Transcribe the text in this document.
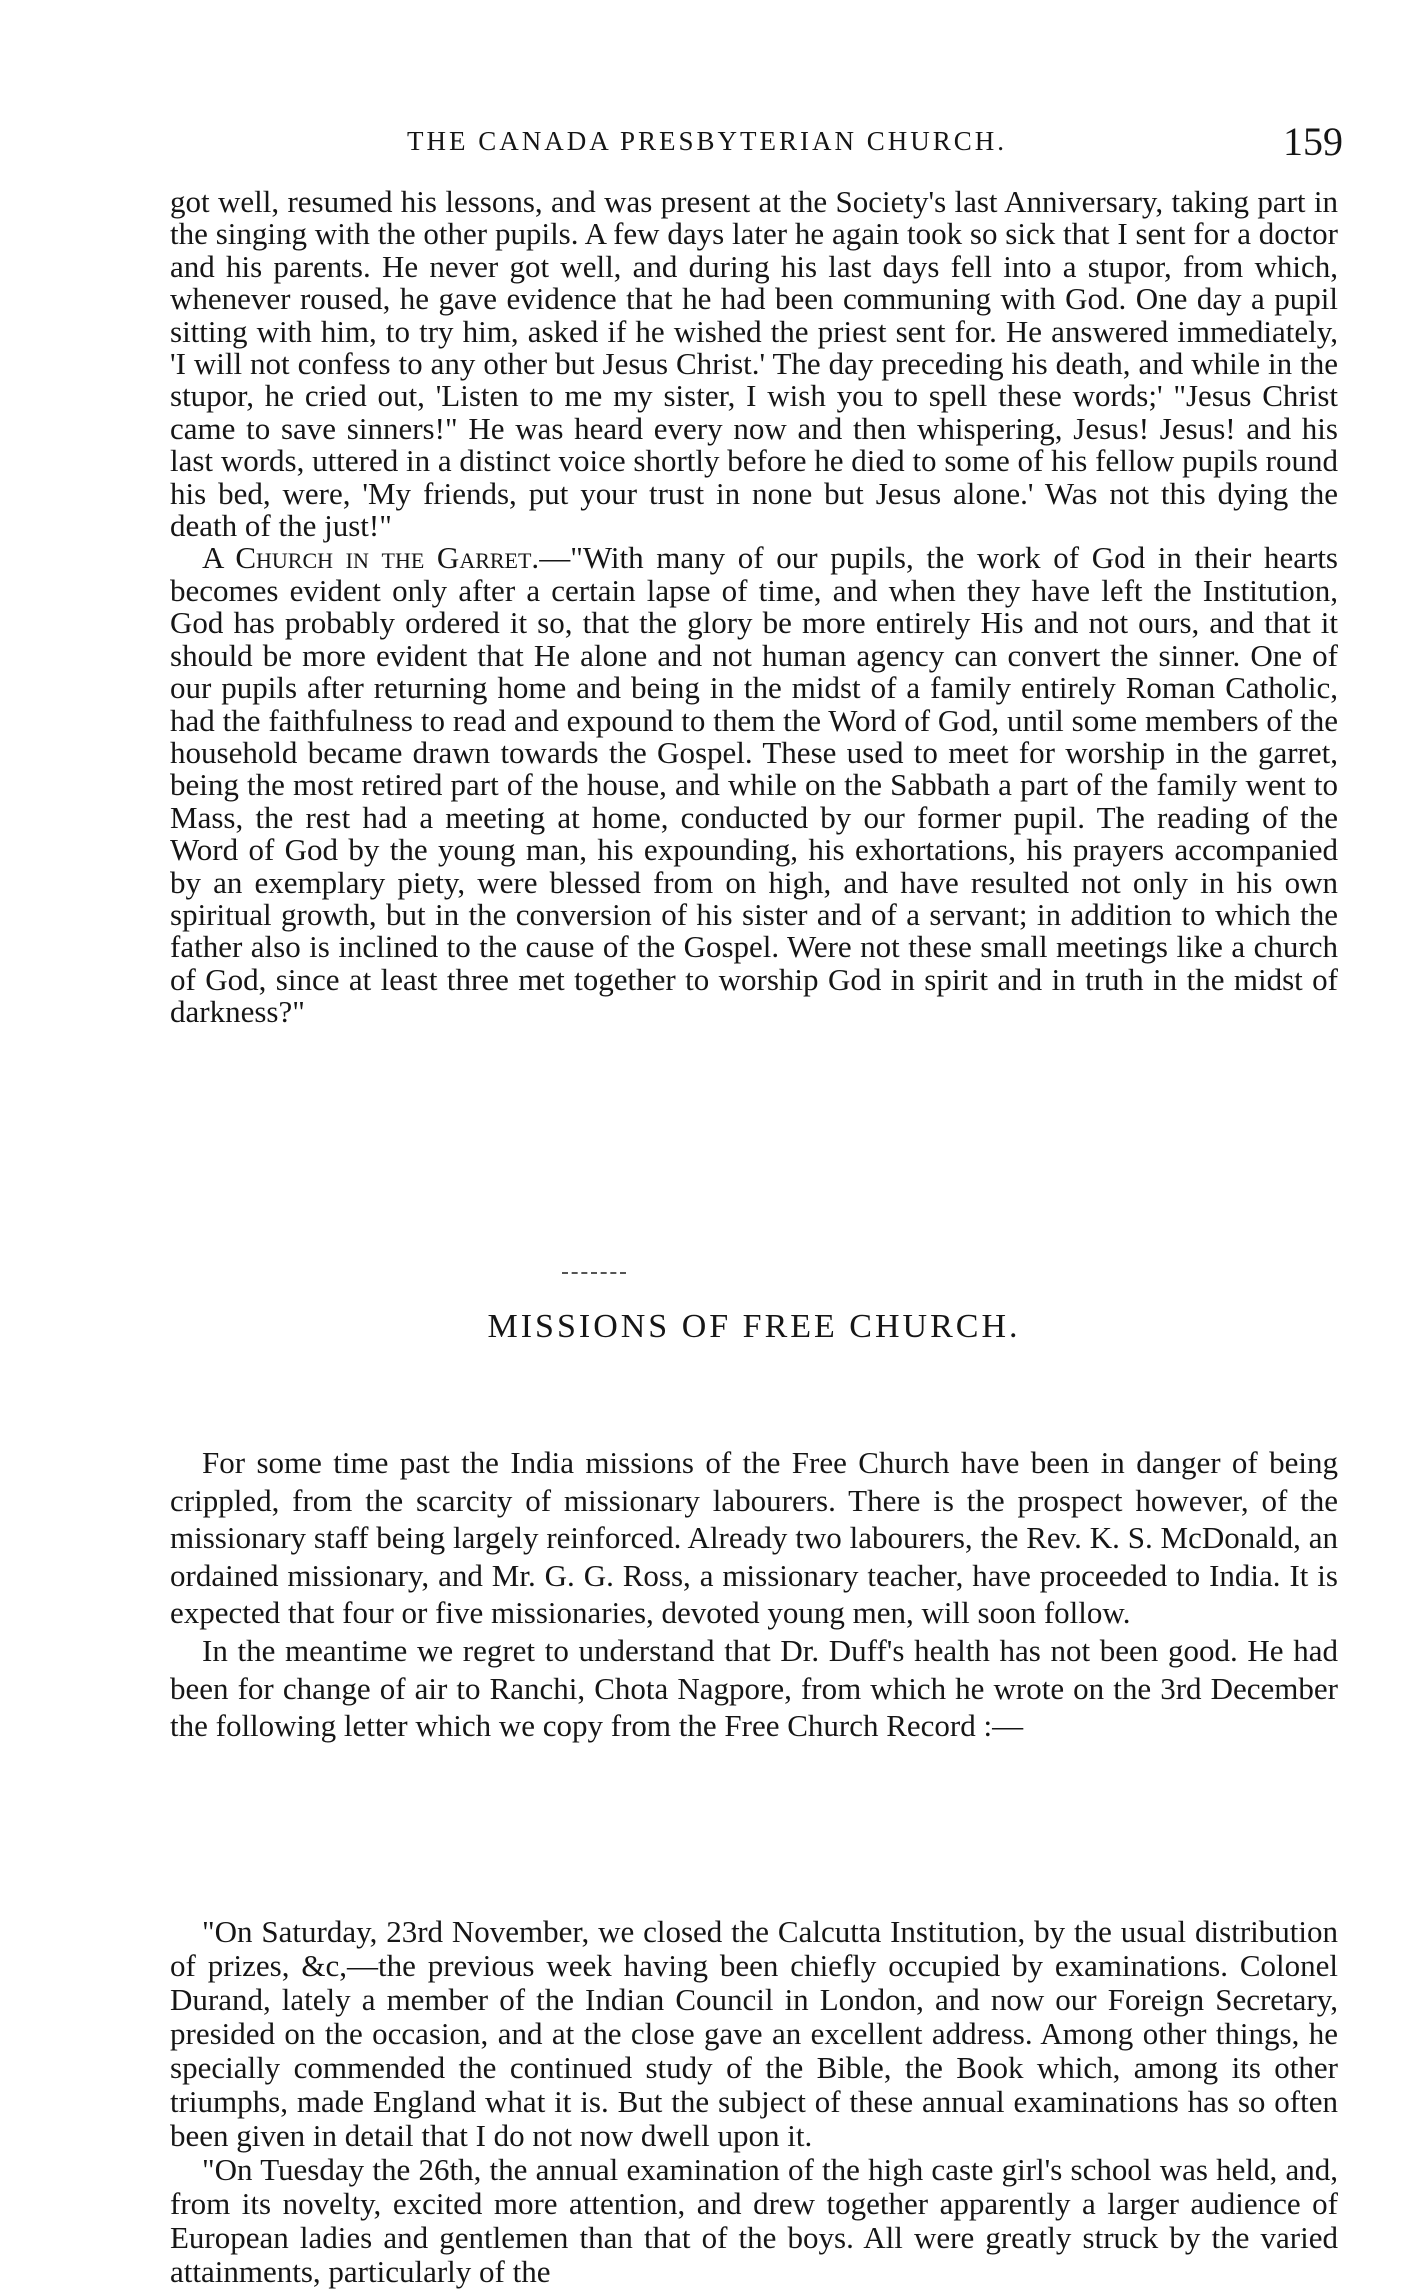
THE CANADA PRESBYTERIAN CHURCH.	159

got well, resumed his lessons, and was present at the Society's last Anniversary, taking part in the singing with the other pupils. A few days later he again took so sick that I sent for a doctor and his parents. He never got well, and during his last days fell into a stupor, from which, whenever roused, he gave evidence that he had been communing with God. One day a pupil sitting with him, to try him, asked if he wished the priest sent for. He answered immediately, 'I will not confess to any other but Jesus Christ.' The day preceding his death, and while in the stupor, he cried out, 'Listen to me my sister, I wish you to spell these words;' "Jesus Christ came to save sinners!" He was heard every now and then whispering, Jesus! Jesus! and his last words, uttered in a distinct voice shortly before he died to some of his fellow pupils round his bed, were, 'My friends, put your trust in none but Jesus alone.' Was not this dying the death of the just!"

A Church in the Garret.—"With many of our pupils, the work of God in their hearts becomes evident only after a certain lapse of time, and when they have left the Institution, God has probably ordered it so, that the glory be more entirely His and not ours, and that it should be more evident that He alone and not human agency can convert the sinner. One of our pupils after returning home and being in the midst of a family entirely Roman Catholic, had the faithfulness to read and expound to them the Word of God, until some members of the household became drawn towards the Gospel. These used to meet for worship in the garret, being the most retired part of the house, and while on the Sabbath a part of the family went to Mass, the rest had a meeting at home, conducted by our former pupil. The reading of the Word of God by the young man, his expounding, his exhortations, his prayers accompanied by an exemplary piety, were blessed from on high, and have resulted not only in his own spiritual growth, but in the conversion of his sister and of a servant; in addition to which the father also is inclined to the cause of the Gospel. Were not these small meetings like a church of God, since at least three met together to worship God in spirit and in truth in the midst of darkness?"

MISSIONS OF FREE CHURCH.

For some time past the India missions of the Free Church have been in danger of being crippled, from the scarcity of missionary labourers. There is the prospect however, of the missionary staff being largely reinforced. Already two labourers, the Rev. K. S. McDonald, an ordained missionary, and Mr. G. G. Ross, a missionary teacher, have proceeded to India. It is expected that four or five missionaries, devoted young men, will soon follow.

In the meantime we regret to understand that Dr. Duff's health has not been good. He had been for change of air to Ranchi, Chota Nagpore, from which he wrote on the 3rd December the following letter which we copy from the Free Church Record :—

"On Saturday, 23rd November, we closed the Calcutta Institution, by the usual distribution of prizes, &c,—the previous week having been chiefly occupied by examinations. Colonel Durand, lately a member of the Indian Council in London, and now our Foreign Secretary, presided on the occasion, and at the close gave an excellent address. Among other things, he specially commended the continued study of the Bible, the Book which, among its other triumphs, made England what it is. But the subject of these annual examinations has so often been given in detail that I do not now dwell upon it.

"On Tuesday the 26th, the annual examination of the high caste girl's school was held, and, from its novelty, excited more attention, and drew together apparently a larger audience of European ladies and gentlemen than that of the boys. All were greatly struck by the varied attainments, particularly of the
